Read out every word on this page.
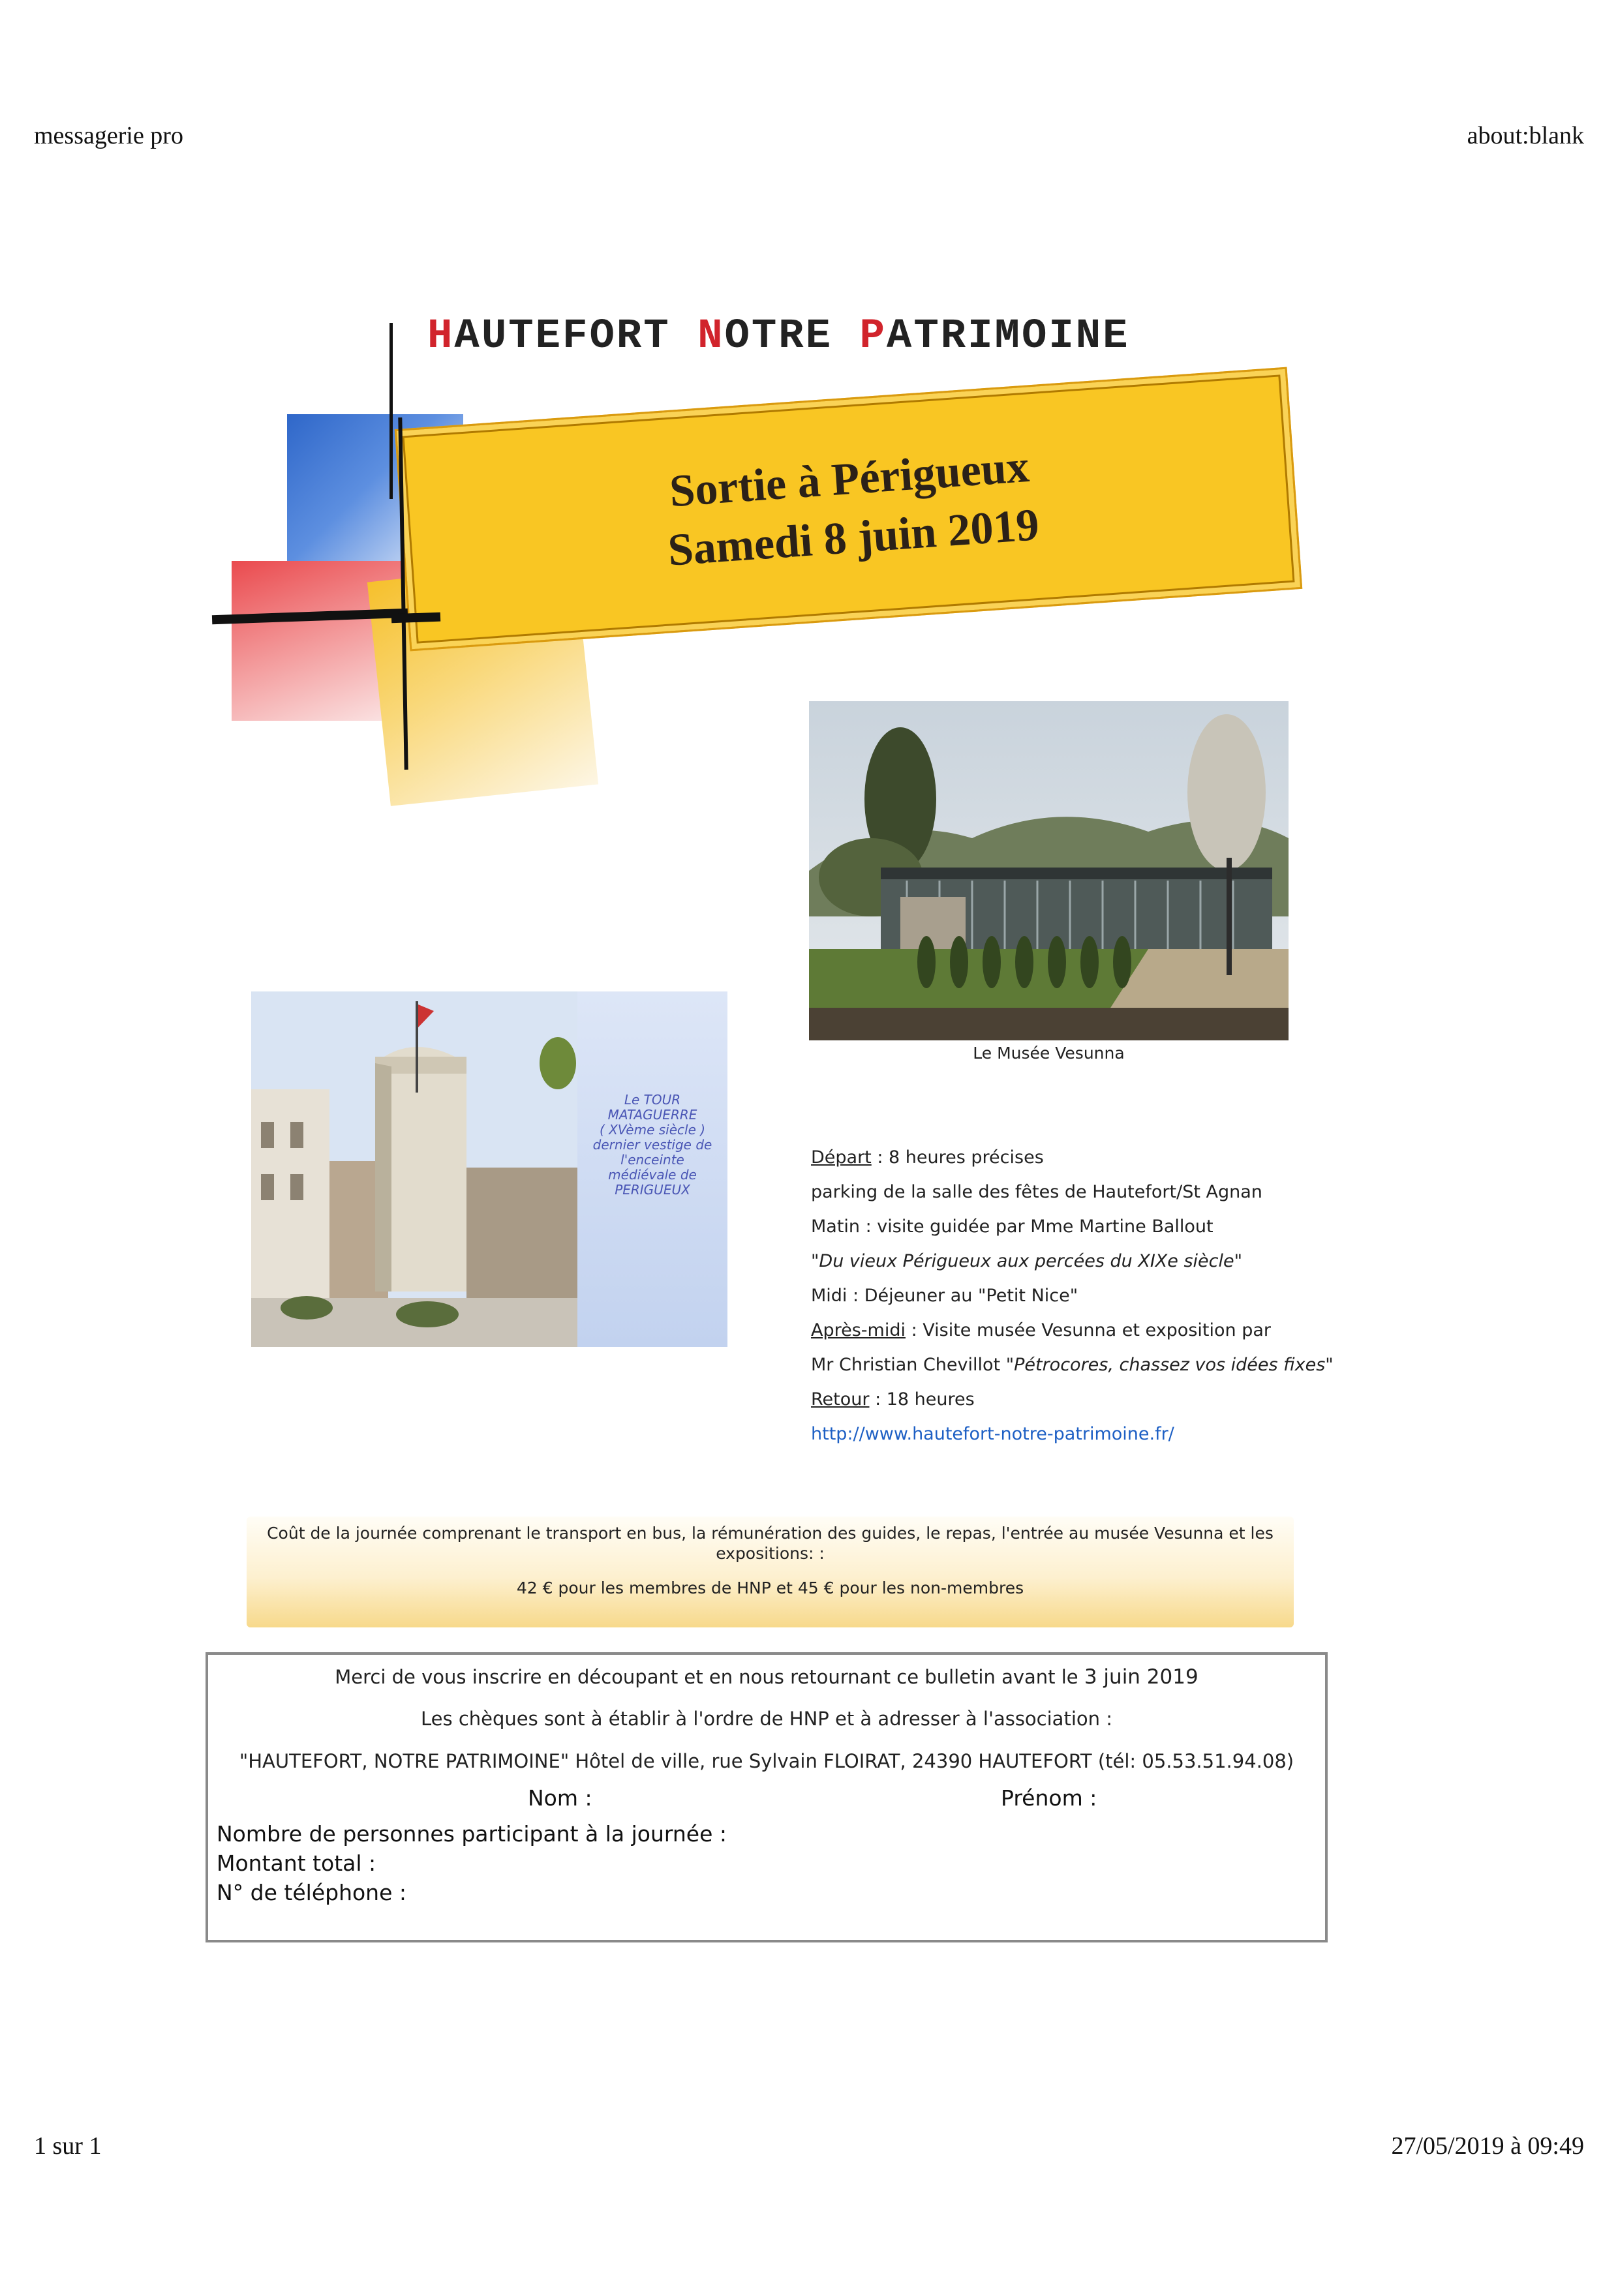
messagerie pro	about:blank
HAUTEFORT NOTRE PATRIMOINE
Sortie à Périgueux
Samedi 8 juin 2019
Le Musée Vesunna
Le TOUR
MATAGUERRE
( XVème siècle )
dernier vestige de
l'enceinte
médiévale de
PERIGUEUX
Départ : 8 heures précises
parking de la salle des fêtes de Hautefort/St Agnan
Matin : visite guidée par Mme Martine Ballout
"Du vieux Périgueux aux percées du XIXe siècle"
Midi : Déjeuner au "Petit Nice"
Après-midi : Visite musée Vesunna et exposition par
Mr Christian Chevillot "Pétrocores, chassez vos idées fixes"
Retour : 18 heures
http://www.hautefort-notre-patrimoine.fr/

Coût de la journée comprenant le transport en bus, la rémunération des guides, le repas, l'entrée au musée Vesunna et les expositions: :

42 € pour les membres de HNP et 45 € pour les non-membres

Merci de vous inscrire en découpant et en nous retournant ce bulletin avant le 3 juin 2019
Les chèques sont à établir à l'ordre de HNP et à adresser à l'association :
"HAUTEFORT, NOTRE PATRIMOINE" Hôtel de ville, rue Sylvain FLOIRAT, 24390 HAUTEFORT (tél: 05.53.51.94.08)
Nom :	Prénom :
Nombre de personnes participant à la journée :
Montant total :
N° de téléphone :
1 sur 1	27/05/2019 à 09:49
